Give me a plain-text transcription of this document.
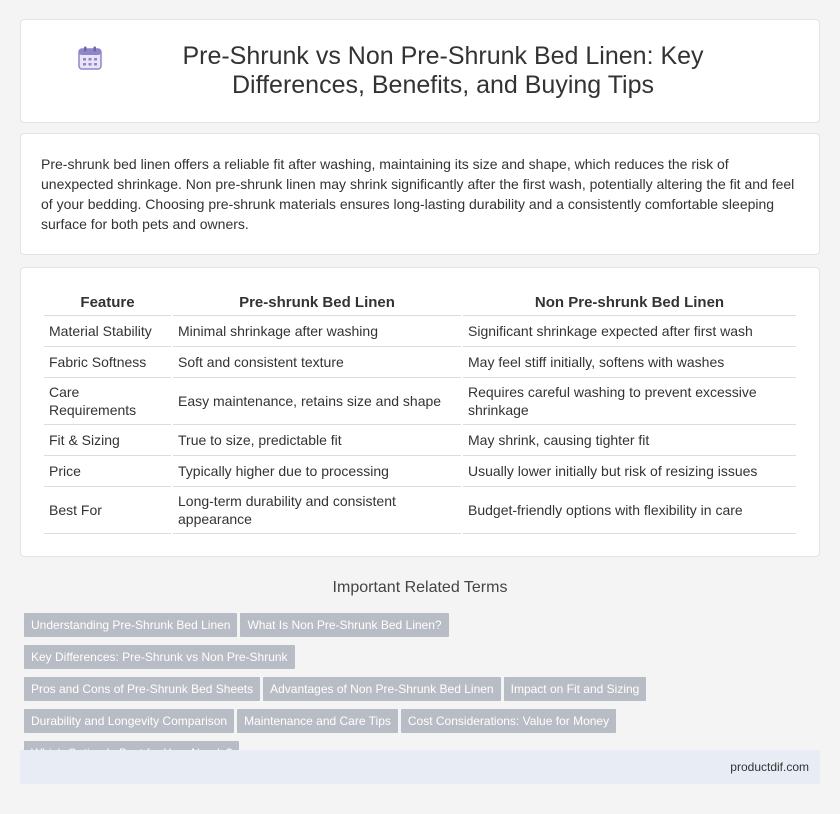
Pre-Shrunk vs Non Pre-Shrunk Bed Linen: Key Differences, Benefits, and Buying Tips

Pre-shrunk bed linen offers a reliable fit after washing, maintaining its size and shape, which reduces the risk of unexpected shrinkage. Non pre-shrunk linen may shrink significantly after the first wash, potentially altering the fit and feel of your bedding. Choosing pre-shrunk materials ensures long-lasting durability and a consistently comfortable sleeping surface for both pets and owners.

Feature	Pre-shrunk Bed Linen	Non Pre-shrunk Bed Linen
Material Stability	Minimal shrinkage after washing	Significant shrinkage expected after first wash
Fabric Softness	Soft and consistent texture	May feel stiff initially, softens with washes
Care Requirements	Easy maintenance, retains size and shape	Requires careful washing to prevent excessive shrinkage
Fit & Sizing	True to size, predictable fit	May shrink, causing tighter fit
Price	Typically higher due to processing	Usually lower initially but risk of resizing issues
Best For	Long-term durability and consistent appearance	Budget-friendly options with flexibility in care
Important Related Terms
Understanding Pre-Shrunk Bed Linen What Is Non Pre-Shrunk Bed Linen?Key Differences: Pre-Shrunk vs Non Pre-Shrunk
Pros and Cons of Pre-Shrunk Bed Sheets Advantages of Non Pre-Shrunk Bed Linen Impact on Fit and Sizing
Durability and Longevity Comparison Maintenance and Care Tips Cost Considerations: Value for Money

productdif.com
